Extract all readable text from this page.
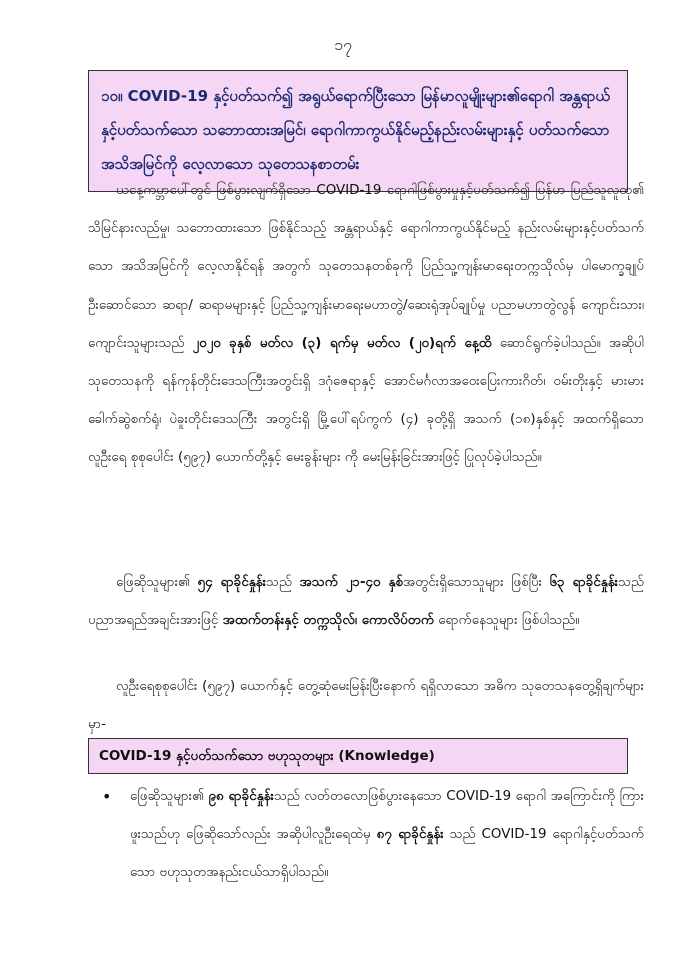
၁၇
၁၀။ COVID-19 နှင့်ပတ်သက်၍ အရွယ်ရောက်ပြီးသော မြန်မာလူမျိုးများ၏ရောဂါ အန္တရာယ်နှင့်ပတ်သက်သော သဘောထားအမြင်၊ ရောဂါကာကွယ်နိုင်မည့်နည်းလမ်းများနှင့် ပတ်သက်သော အသိအမြင်ကို လေ့လာသော သုတေသနစာတမ်း
ယနေ့ကမ္ဘာပေါ်တွင် ဖြစ်ပွားလျက်ရှိသော COVID-19 ရောဂါဖြစ်ပွားမှုနှင့်ပတ်သက်၍ မြန်မာ ပြည်သူလူထု၏ သိမြင်နားလည်မှု၊ သဘောထားသော ဖြစ်နိုင်သည့် အန္တရာယ်နှင့် ရောဂါကာကွယ်နိုင်မည့် နည်းလမ်းများနှင့်ပတ်သက်သော အသိအမြင်ကို လေ့လာနိုင်ရန် အတွက် သုတေသနတစ်ခုကို ပြည်သူ့ကျန်းမာရေးတက္ကသိုလ်မှ ပါမောက္ခချုပ်ဦးဆောင်သော ဆရာ/ ဆရာမများနှင့် ပြည်သူ့ကျန်းမာရေးမဟာတွဲ/ဆေးရုံအုပ်ချုပ်မှု ပညာမဟာတွဲလွန် ကျောင်းသား၊ ကျောင်းသူများသည် ၂၀၂၀ ခုနှစ် မတ်လ (၃) ရက်မှ မတ်လ (၂၀)ရက် နေ့ထိ ဆောင်ရွက်ခဲ့ပါသည်။ အဆိုပါသုတေသနကို ရန်ကုန်တိုင်းဒေသကြီးအတွင်းရှိ ဒဂုံဇေရာနှင့် အောင်မင်္ဂလာအဝေးပြေးကားဂိတ်၊ ဝမ်းတိုးနှင့် မားမားခေါက်ဆွဲစက်ရုံ၊ ပဲခူးတိုင်းဒေသကြီး အတွင်းရှိ မြို့ပေါ်ရပ်ကွက် (၄) ခုတို့ရှိ အသက် (၁၈)နှစ်နှင့် အထက်ရှိသော လူဦးရေ စုစုပေါင်း (၅၉၇) ယောက်တို့နှင့် မေးခွန်းများ ကို မေးမြန်းခြင်းအားဖြင့် ပြုလုပ်ခဲ့ပါသည်။
ဖြေဆိုသူများ၏ ၅၄ ရာခိုင်နှုန်းသည် အသက် ၂၁-၄၀ နှစ်အတွင်းရှိသောသူများ ဖြစ်ပြီး ၆၃ ရာခိုင်နှုန်းသည် ပညာအရည်အချင်းအားဖြင့် အထက်တန်းနှင့် တက္ကသိုလ်၊ ကောလိပ်တက် ရောက်နေသူများ ဖြစ်ပါသည်။
လူဦးရေစုစုပေါင်း (၅၉၇) ယောက်နှင့် တွေ့ဆုံမေးမြန်းပြီးနောက် ရရှိလာသော အဓိက သုတေသနတွေ့ရှိချက်များမှာ-
COVID-19 နှင့်ပတ်သက်သော ဗဟုသုတများ (Knowledge)
• ဖြေဆိုသူများ၏ ၉၈ ရာခိုင်နှုန်းသည် လတ်တလောဖြစ်ပွားနေသော COVID-19 ရောဂါ အကြောင်းကို ကြားဖူးသည်ဟု ဖြေဆိုသော်လည်း အဆိုပါလူဦးရေထဲမှ ၈၇ ရာခိုင်နှုန်း သည် COVID-19 ရောဂါနှင့်ပတ်သက်သော ဗဟုသုတအနည်းငယ်သာရှိပါသည်။
